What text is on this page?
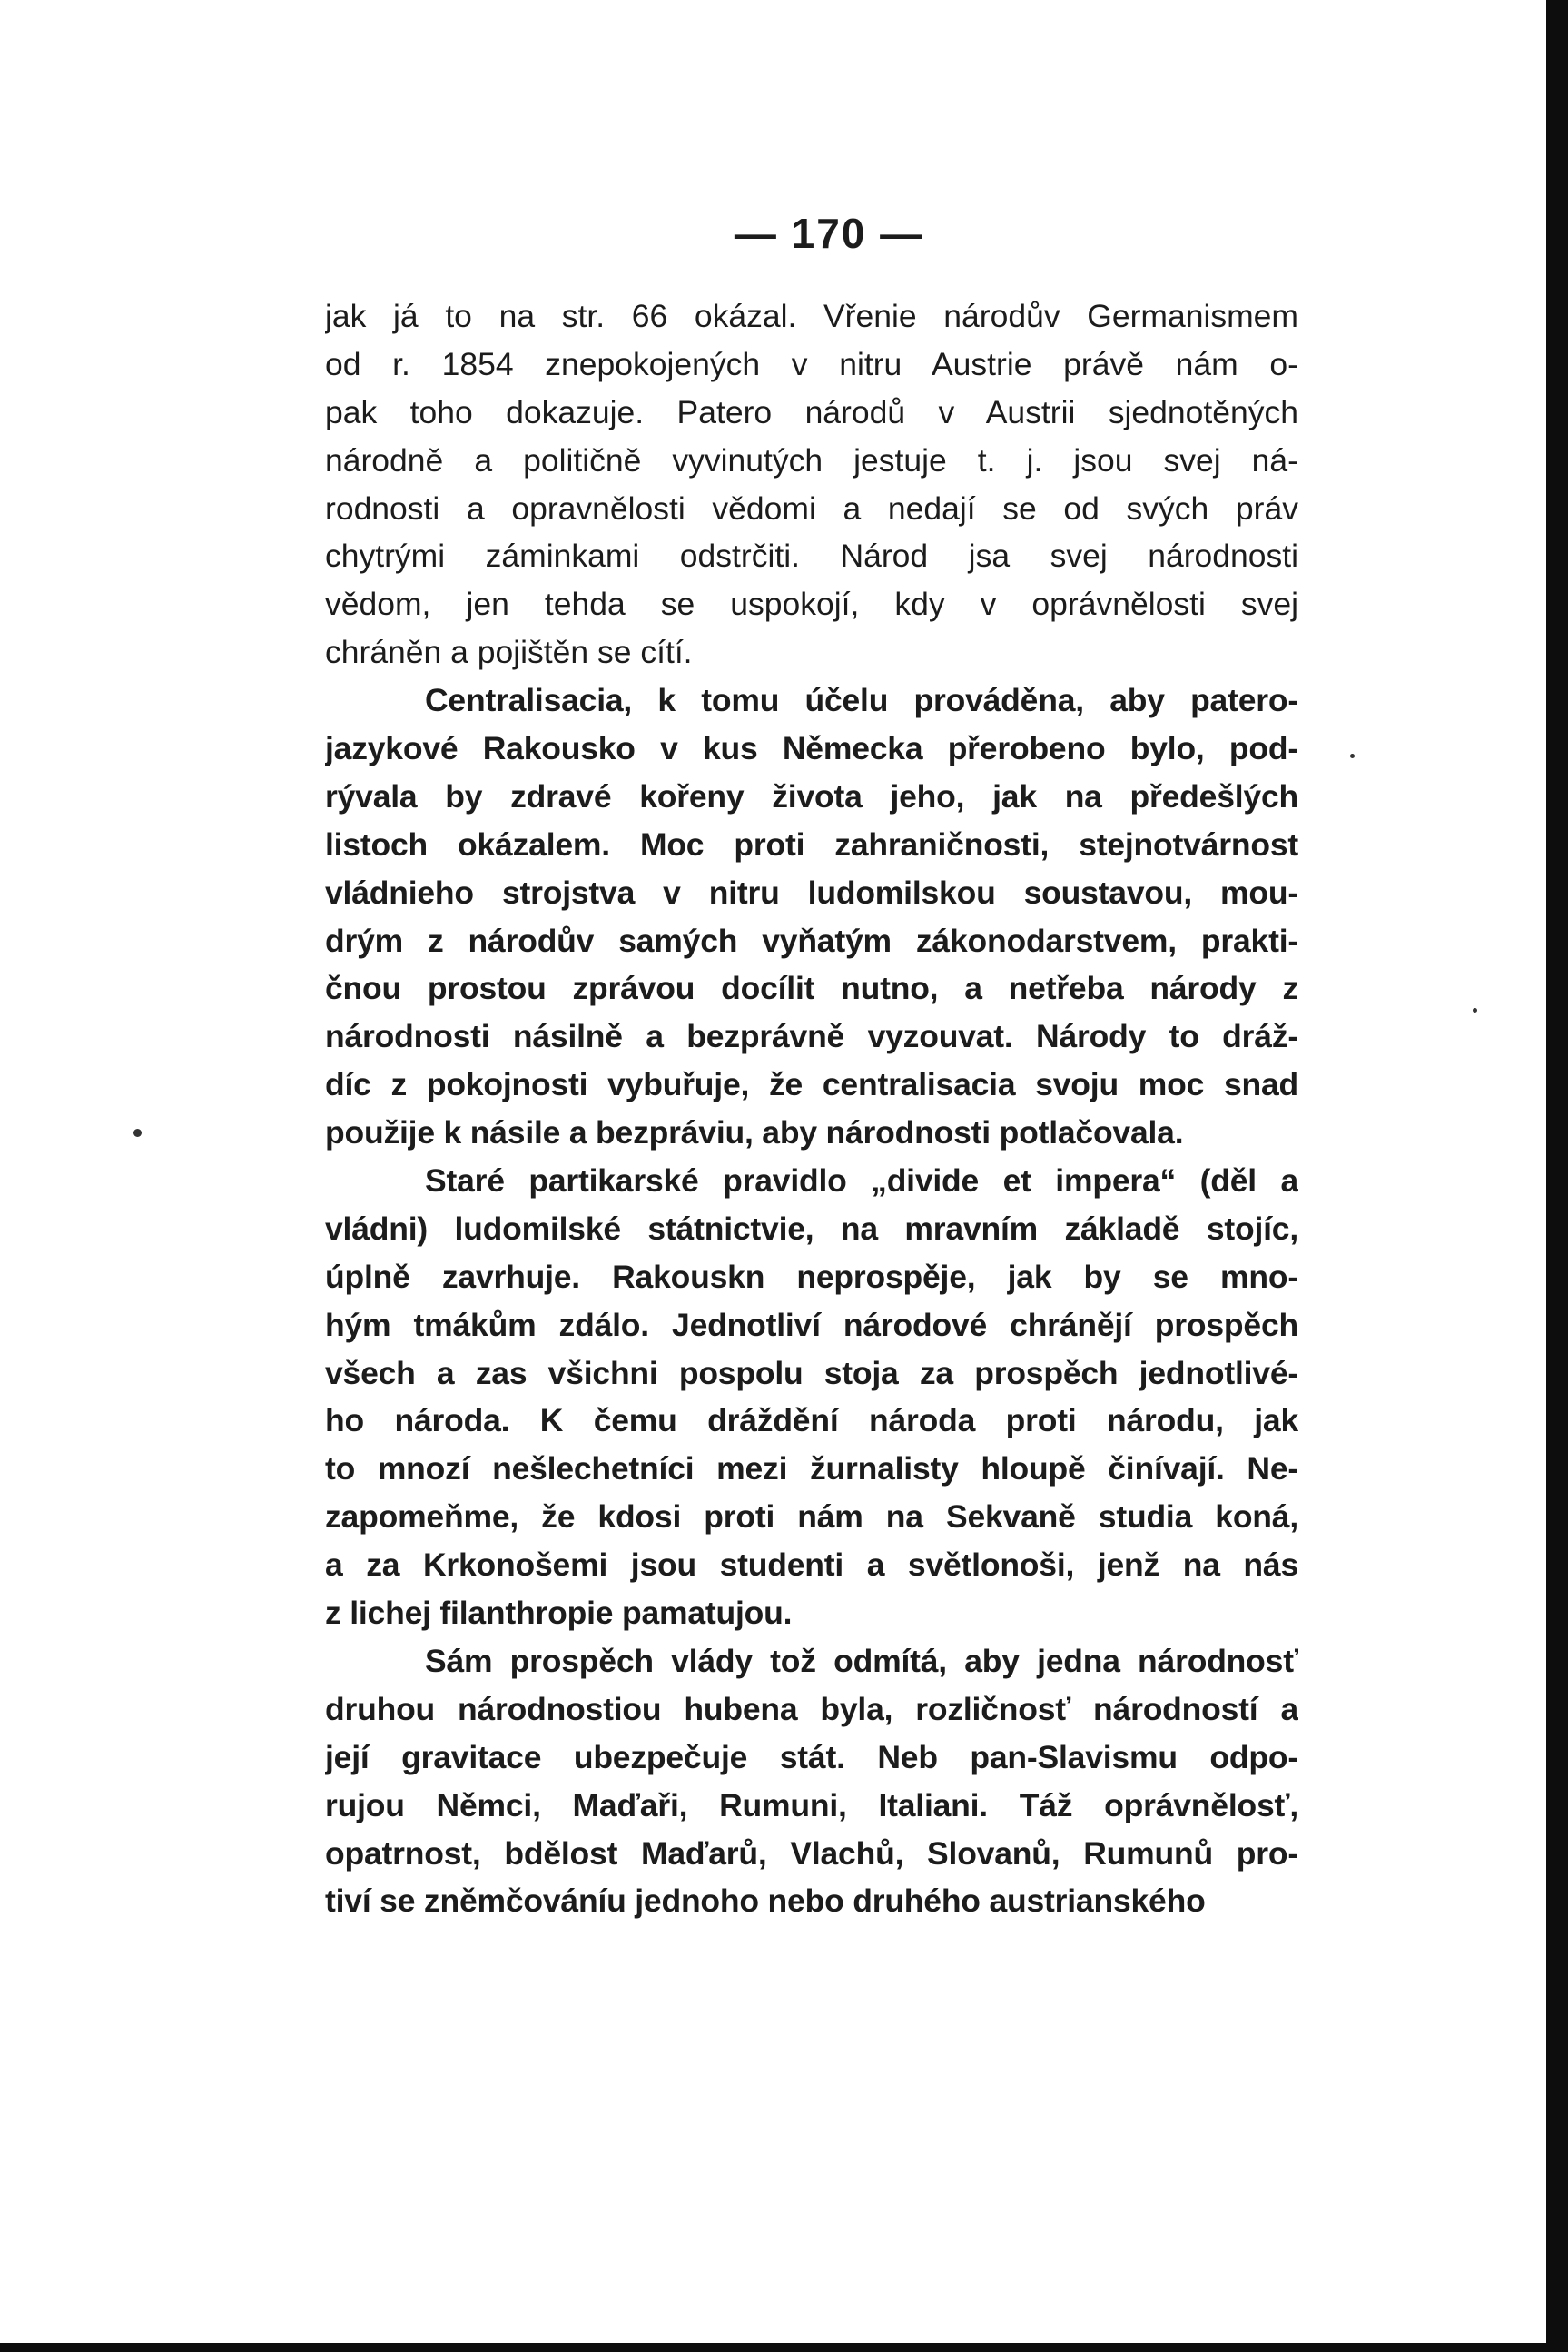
— 170 —
jak já to na str. 66 okázal. Vřenie národův Germanismem
od r. 1854 znepokojených v nitru Austrie právě nám o-
pak toho dokazuje. Patero národů v Austrii sjednotěných
národně a političně vyvinutých jestuje t. j. jsou svej ná-
rodnosti a opravnělosti vědomi a nedají se od svých práv
chytrými záminkami odstrčiti. Národ jsa svej národnosti
vědom, jen tehda se uspokojí, kdy v oprávnělosti svej
chráněn a pojištěn se cítí.
Centralisacia, k tomu účelu prováděna, aby patero-
jazykové Rakousko v kus Německa přerobeno bylo, pod-
rývala by zdravé kořeny života jeho, jak na předešlých
listoch okázalem. Moc proti zahraničnosti, stejnotvárnost
vládnieho strojstva v nitru ludomilskou soustavou, mou-
drým z národův samých vyňatým zákonodarstvem, prakti-
čnou prostou zprávou docílit nutno, a netřeba národy z
národnosti násilně a bezprávně vyzouvat. Národy to dráž-
díc z pokojnosti vybuřuje, že centralisacia svoju moc snad
použije k násile a bezpráviu, aby národnosti potlačovala.
Staré partikarské pravidlo „divide et impera“ (děl a
vládni) ludomilské státnictvie, na mravním základě stojíc,
úplně zavrhuje. Rakouskn neprospěje, jak by se mno-
hým tmákům zdálo. Jednotliví národové chránějí prospěch
všech a zas všichni pospolu stoja za prospěch jednotlivé-
ho národa. K čemu dráždění národa proti národu, jak
to mnozí nešlechetníci mezi žurnalisty hloupě činívají. Ne-
zapomeňme, že kdosi proti nám na Sekvaně studia koná,
a za Krkonošemi jsou studenti a světlonoši, jenž na nás
z lichej filanthropie pamatujou.
Sám prospěch vlády tož odmítá, aby jedna národnosť
druhou národnostiou hubena byla, rozličnosť národností a
její gravitace ubezpečuje stát. Neb pan-Slavismu odpo-
rujou Němci, Maďaři, Rumuni, Italiani. Táž oprávnělosť,
opatrnost, bdělost Maďarů, Vlachů, Slovanů, Rumunů pro-
tiví se zněmčováníu jednoho nebo druhého austrianského
